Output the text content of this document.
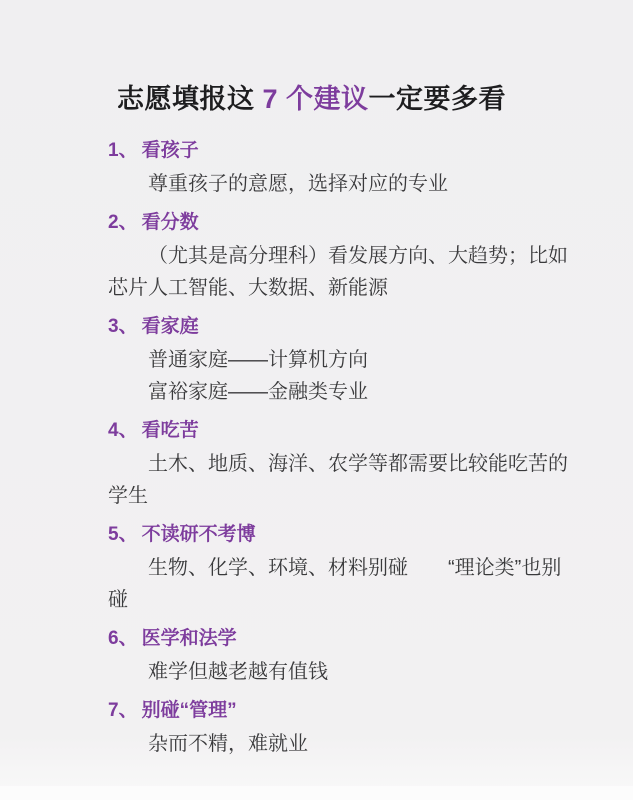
志愿填报这 7 个建议一定要多看
1、 看孩子
尊重孩子的意愿，选择对应的专业
2、 看分数
（尤其是高分理科）看发展方向、大趋势；比如
芯片人工智能、大数据、新能源
3、 看家庭
普通家庭——计算机方向
富裕家庭——金融类专业
4、 看吃苦
土木、地质、海洋、农学等都需要比较能吃苦的
学生
5、 不读研不考博
生物、化学、环境、材料别碰　　“理论类”也别
碰
6、 医学和法学
难学但越老越有值钱
7、 别碰“管理”
杂而不精，难就业
